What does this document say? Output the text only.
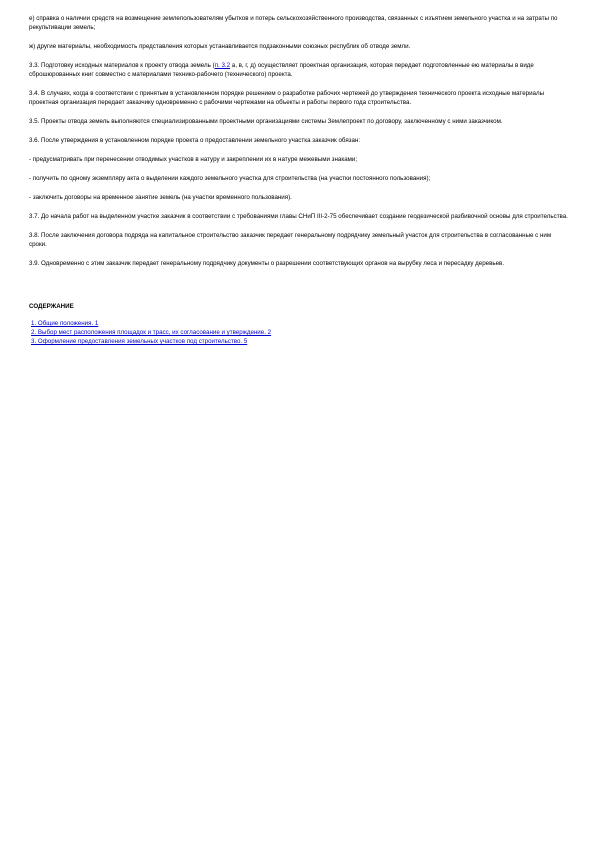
е) справка о наличии средств на возмещение землепользователям убытков и потерь сельскохозяйственного производства, связанных с изъятием земельного участка и на затраты по рекультивации земель;

ж) другие материалы, необходимость представления которых устанавливается подзаконными союзных республик об отводе земли.

3.3. Подготовку исходных материалов к проекту отвода земель (п. 3.2 а, в, г, д) осуществляет проектная организация, которая передает подготовленные ею материалы в виде сброшюрованных книг совместно с материалами технико-рабочего (технического) проекта.

3.4. В случаях, когда в соответствии с принятым в установленном порядке решением о разработке рабочих чертежей до утверждения технического проекта исходные материалы проектная организация передает заказчику одновременно с рабочими чертежами на объекты и работы первого года строительства.

3.5. Проекты отвода земель выполняются специализированными проектными организациями системы Землепроект по договору, заключенному с ними заказчиком.

3.6. После утверждения в установленном порядке проекта о предоставлении земельного участка заказчик обязан:

- предусматривать при перенесении отводимых участков в натуру и закреплении их в натуре межевыми знаками;

- получить по одному экземпляру акта о выделении каждого земельного участка для строительства (на участки постоянного пользования);

- заключить договоры на временное занятие земель (на участки временного пользования).

3.7. До начала работ на выделенном участке заказчик в соответствии с требованиями главы СНиП III-2-75 обеспечивает создание геодезической разбивочной основы для строительства.

3.8. После заключения договора подряда на капитальное строительство заказчик передает генеральному подрядчику земельный участок для строительства в согласованные с ним сроки.

3.9. Одновременно с этим заказчик передает генеральному подрядчику документы о разрешении соответствующих органов на вырубку леса и пересадку деревьев.

СОДЕРЖАНИЕ
1. Общие положения. 1
2. Выбор мест расположения площадок и трасс, их согласование и утверждение. 2
3. Оформление предоставления земельных участков под строительство. 5
